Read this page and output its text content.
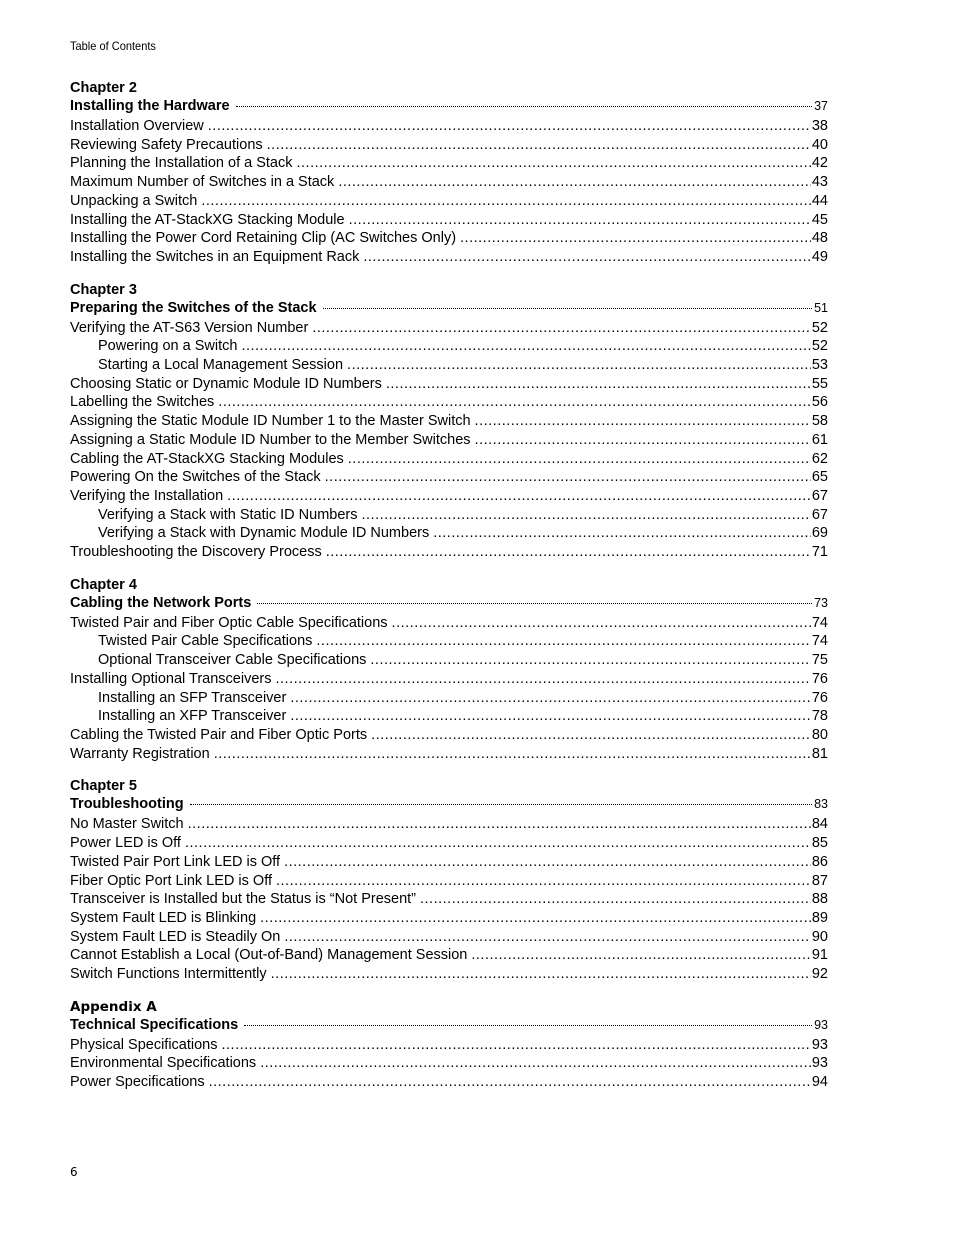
Table of Contents
Chapter 2
Installing the Hardware	37
Installation Overview .....	38
Reviewing Safety Precautions .....	40
Planning the Installation of a Stack .....	42
Maximum Number of Switches in a Stack .....	43
Unpacking a Switch .....	44
Installing the AT-StackXG Stacking Module .....	45
Installing the Power Cord Retaining Clip (AC Switches Only) .....	48
Installing the Switches in an Equipment Rack .....	49
Chapter 3
Preparing the Switches of the Stack	51
Verifying the AT-S63 Version Number .....	52
Powering on a Switch .....	52
Starting a Local Management Session .....	53
Choosing Static or Dynamic Module ID Numbers .....	55
Labelling the Switches .....	56
Assigning the Static Module ID Number 1 to the Master Switch .....	58
Assigning a Static Module ID Number to the Member Switches .....	61
Cabling the AT-StackXG Stacking Modules .....	62
Powering On the Switches of the Stack .....	65
Verifying the Installation .....	67
Verifying a Stack with Static ID Numbers .....	67
Verifying a Stack with Dynamic Module ID Numbers .....	69
Troubleshooting the Discovery Process .....	71
Chapter 4
Cabling the Network Ports	73
Twisted Pair and Fiber Optic Cable Specifications .....	74
Twisted Pair Cable Specifications .....	74
Optional Transceiver Cable Specifications .....	75
Installing Optional Transceivers .....	76
Installing an SFP Transceiver .....	76
Installing an XFP Transceiver .....	78
Cabling the Twisted Pair and Fiber Optic Ports .....	80
Warranty Registration .....	81
Chapter 5
Troubleshooting	83
No Master Switch .....	84
Power LED is Off .....	85
Twisted Pair Port Link LED is Off .....	86
Fiber Optic Port Link LED is Off .....	87
Transceiver is Installed but the Status is “Not Present” .....	88
System Fault LED is Blinking .....	89
System Fault LED is Steadily On .....	90
Cannot Establish a Local (Out-of-Band) Management Session .....	91
Switch Functions Intermittently .....	92
Appendix A
Technical Specifications	93
Physical Specifications .....	93
Environmental Specifications .....	93
Power Specifications .....	94
6
